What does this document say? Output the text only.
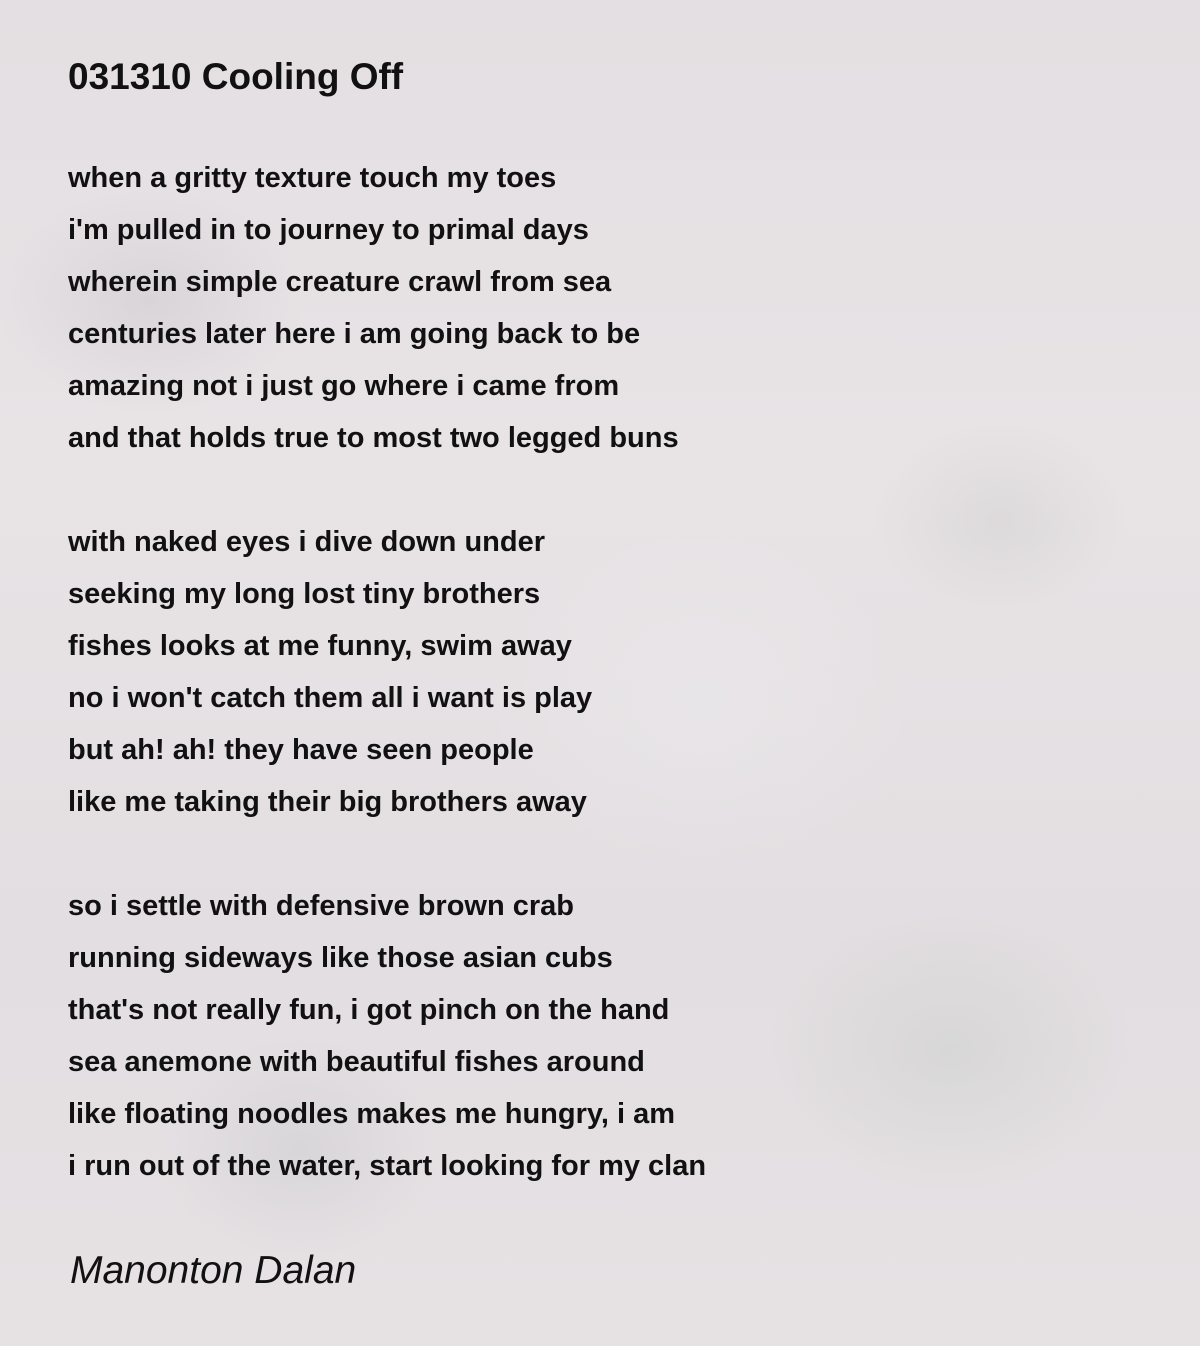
031310 Cooling Off
when a gritty texture touch my toes
i'm pulled in to journey to primal days
wherein simple creature crawl from sea
centuries later here i am going back to be
amazing not i just go where i came from
and that holds true to most two legged buns
with naked eyes i dive down under
seeking my long lost tiny brothers
fishes looks at me funny, swim away
no i won't catch them all i want is play
but ah! ah! they have seen people
like me taking their big brothers away
so i settle with defensive brown crab
running sideways like those asian cubs
that's not really fun, i got pinch on the hand
sea anemone with beautiful fishes around
like floating noodles makes me hungry, i am
i run out of the water, start looking for my clan

Manonton Dalan
